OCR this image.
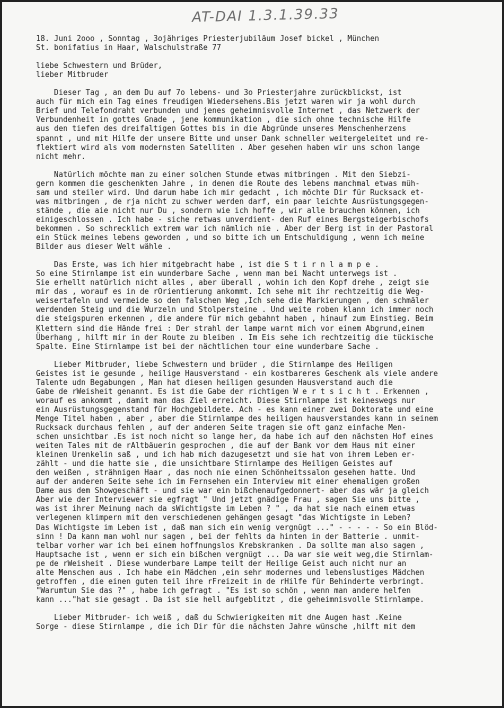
AT-DAI 1.3.1.39.33
18. Juni 2ooo , Sonntag , 3ojähriges Priesterjubiläum Josef bickel , München
St. bonifatius in Haar, Walschulstraße 77
liebe Schwestern und Brüder,
lieber Mitbruder
Dieser Tag , an dem Du auf 7o lebens- und 3o Priesterjahre zurückblickst, ist
auch für mich ein Tag eines freudigen Wiedersehens.Bis jetzt waren wir ja wohl durch
Brief und Telefondraht verbunden und jenes geheimnisvolle Internet , das Netzwerk der
Verbundenheit in gottes Gnade , jene kommunikation , die sich ohne technische Hilfe
aus den tiefen des dreifaltigen Gottes bis in die Abgründe unseres Menschenherzens
spannt , und mit Hilfe der unsere Bitte und unser Dank schneller weitergeleitet und re-
flektiert wird als vom modernsten Satelliten . Aber gesehen haben wir uns schon lange
nicht mehr.
Natürlich möchte man zu einer solchen Stunde etwas mitbringen . Mit den Siebzi-
gern kommen die geschenkten Jahre , in denen die Route des lebens manchmal etwas müh-
sam und steiler wird. Und darum habe ich mir gedacht , ich möchte Dir für Rucksack et-
was mitbringen , de rja nicht zu schwer werden darf, ein paar leichte Ausrüstungsgegen-
stände , die aie nicht nur Du , sondern wie ich hoffe , wir alle brauchen können, ich
einigeschlossen . Ich habe - siche retwas unverdient- den Ruf eines Bergsteigerbischofs
bekommen . So schrecklich extrem war ich nämlich nie . Aber der Berg ist in der Pastoral
ein Stück meines lebens geworden , und so bitte ich um Entschuldigung , wenn ich meine
Bilder aus dieser Welt wähle .
Das Erste, was ich hier mitgebracht habe , ist die S t i r n l a m p e .
So eine Stirnlampe ist ein wunderbare Sache , wenn man bei Nacht unterwegs ist .
Sie erhellt natürlich nicht alles , aber überall , wohin ich den Kopf drehe , zeigt sie
mir das , worauf es in de rOrientierung ankommt. Ich sehe mit ihr rechtzeitig die Weg-
weisertafeln und vermeide so den falschen Weg ,Ich sehe die Markierungen , den schmäler
werdenden Steig und die Wurzeln und Stolpersteine . Und weite roben klann ich immer noch
die steigspuren erkennen , die andere für mich gebahnt haben , hinauf zum Einstieg. Beim
Klettern sind die Hände frei : Der strahl der lampe warnt mich vor einem Abgrund,einem
Überhang , hilft mir in der Route zu bleiben . Im Eis sehe ich rechtzeitig die tückische
Spalte. Eine Stirnlampe ist bei der nächtlichen tour eine wunderbare Sache .
Lieber Mitbruder, liebe Schwestern und brüder , die Stirnlampe des Heiligen
Geistes ist ie gesunde , heilige Hausverstand - ein kostbareres Geschenk als viele andere
Talente udn Begabungen , Man hat diesen heiligen gesunden Hausverstand auch die
Gabe de rWeisheit genannt. Es ist die Gabe der richtigen W e r t s i c h t . Erkennen ,
worauf es ankommt , damit man das Ziel erreicht. Diese Stirnlampe ist keineswegs nur
ein Ausrüstungsgegenstand für Hochgebildete. Ach - es kann einer zwei Doktorate und eine
Menge Titel haben , aber , aber die Stirnlampe des heiligen hausverstandes kann in seinem
Rucksack durchaus fehlen , auf der anderen Seite tragen sie oft ganz einfache Men-
schen unsichtbar .Es ist noch nicht so lange her, da habe ich auf den nächsten Hof eines
weiten Tales mit de rAltbäuerin gesprochen , die auf der Bank vor dem Haus mit einer
kleinen Urenkelin saß , und ich hab mich dazugesetzt und sie hat von ihrem Leben er-
zählt - und die hatte sie , die unsichtbare Stirnlampe des Heiligen Geistes auf
den weißen , strähnigen Haar , das noch nie einen Schönheitssalon gesehen hatte. Und
auf der anderen Seite sehe ich im Fernsehen ein Interview mit einer ehemaligen großen
Dame aus dem Showgeschäft - und sie war ein bißchenaufgedonnert- aber das wär ja gleich
Aber wie der Interviewer sie egfragt " Und jetzt gnädige Frau , sagen Sie uns bitte ,
was ist ihrer Meinung nach da sWichtigste im Leben ? " , da hat sie nach einem etwas
verlegenen klimpern mit den verschiedenen gehängen gesagt "das Wichtigste in Leben?
Das Wichtigste im Leben ist , daß man sich ein wenig vergnügt ..." - - - - - So ein Blöd-
sinn ! Da kann man wohl nur sagen , bei der fehlts da hinten in der Batterie . unmit-
telbar vorher war ich bei einem hoffnungslos Krebskranken . Da sollte man also sagen ,
Hauptsache ist , wenn er sich ein bißchen vergnügt ... Da war sie weit weg,die Stirnlam-
pe de rWeisheit . Diese wunderbare Lampe teilt der Heilige Geist auch nicht nur an
alte Menschen aus . Ich habe ein Mädchen ,ein sehr modernes und lebenslustiges Mädchen
getroffen , die einen guten teil ihre rFreizeit in de rHilfe für Behinderte verbringt.
"Warumtun Sie das ?" , habe ich gefragt . "Es ist so schön , wenn man andere helfen
kann ..."hat sie gesagt . Da ist sie hell aufgeblitzt , die geheimnisvolle Stirnlampe.
Lieber Mitbruder- ich weiß , daß du Schwierigkeiten mit dne Augen hast .Keine
Sorge - diese Stirnlampe , die ich Dir für die nächsten Jahre wünsche ,hilft mit dem
